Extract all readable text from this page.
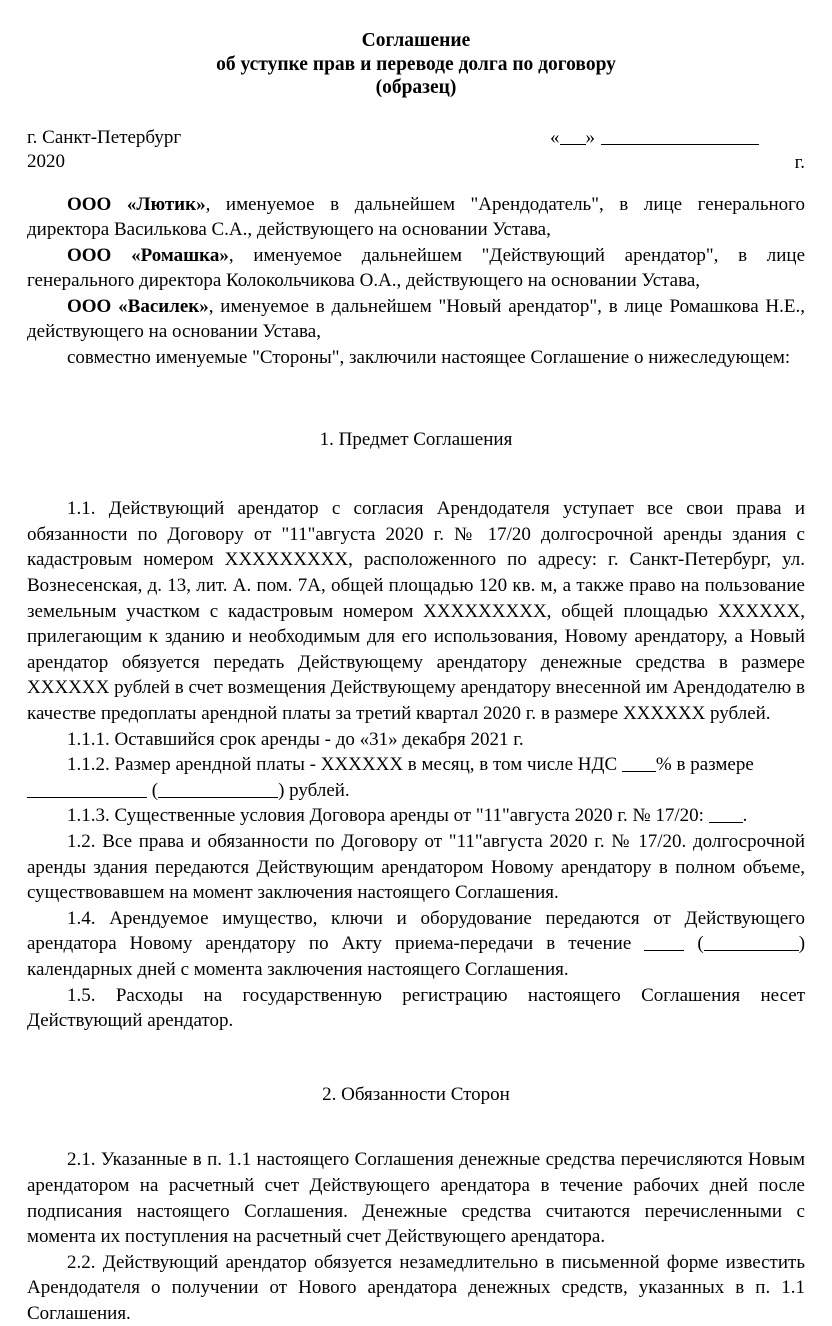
Соглашение
об уступке прав и переводе долга по договору
(образец)
г. Санкт-Петербург
2020
« »
г.

ООО «Лютик», именуемое в дальнейшем "Арендодатель", в лице генерального директора Василькова С.А., действующего на основании Устава,

ООО «Ромашка», именуемое дальнейшем "Действующий арендатор", в лице генерального директора Колокольчикова О.А., действующего на основании Устава,

ООО «Василек», именуемое в дальнейшем "Новый арендатор", в лице Ромашкова Н.Е., действующего на основании Устава,

совместно именуемые "Стороны", заключили настоящее Соглашение о нижеследующем:

1. Предмет Соглашения

1.1. Действующий арендатор с согласия Арендодателя уступает все свои права и обязанности по Договору от "11"августа 2020 г. № 17/20 долгосрочной аренды здания с кадастровым номером ХХХХХХХХХ, расположенного по адресу: г. Санкт-Петербург, ул. Вознесенская, д. 13, лит. А. пом. 7А, общей площадью 120 кв. м, а также право на пользование земельным участком с кадастровым номером ХХХХХХХХХ, общей площадью ХХХХХХ, прилегающим к зданию и необходимым для его использования, Новому арендатору, а Новый арендатор обязуется передать Действующему арендатору денежные средства в размере ХХХХХХ рублей в счет возмещения Действующему арендатору внесенной им Арендодателю в качестве предоплаты арендной платы за третий квартал 2020 г. в размере ХХХХХХ рублей.

1.1.1. Оставшийся срок аренды - до «31» декабря 2021 г.

1.1.2. Размер арендной платы - ХХХХХХ в месяц, в том числе НДС % в размере
(	) рублей.

1.1.3. Существенные условия Договора аренды от "11"августа 2020 г. № 17/20: .

1.2. Все права и обязанности по Договору от "11"августа 2020 г. № 17/20. долгосрочной аренды здания передаются Действующим арендатором Новому арендатору в полном объеме, существовавшем на момент заключения настоящего Соглашения.

1.4. Арендуемое имущество, ключи и оборудование передаются от Действующего арендатора Новому арендатору по Акту приема-передачи в течение	(	) календарных дней с момента заключения настоящего Соглашения.

1.5. Расходы на государственную регистрацию настоящего Соглашения несет Действующий арендатор.

2. Обязанности Сторон

2.1. Указанные в п. 1.1 настоящего Соглашения денежные средства перечисляются Новым арендатором на расчетный счет Действующего арендатора в течение рабочих дней после подписания настоящего Соглашения. Денежные средства считаются перечисленными с момента их поступления на расчетный счет Действующего арендатора.

2.2. Действующий арендатор обязуется незамедлительно в письменной форме известить Арендодателя о получении от Нового арендатора денежных средств, указанных в п. 1.1 Соглашения.
